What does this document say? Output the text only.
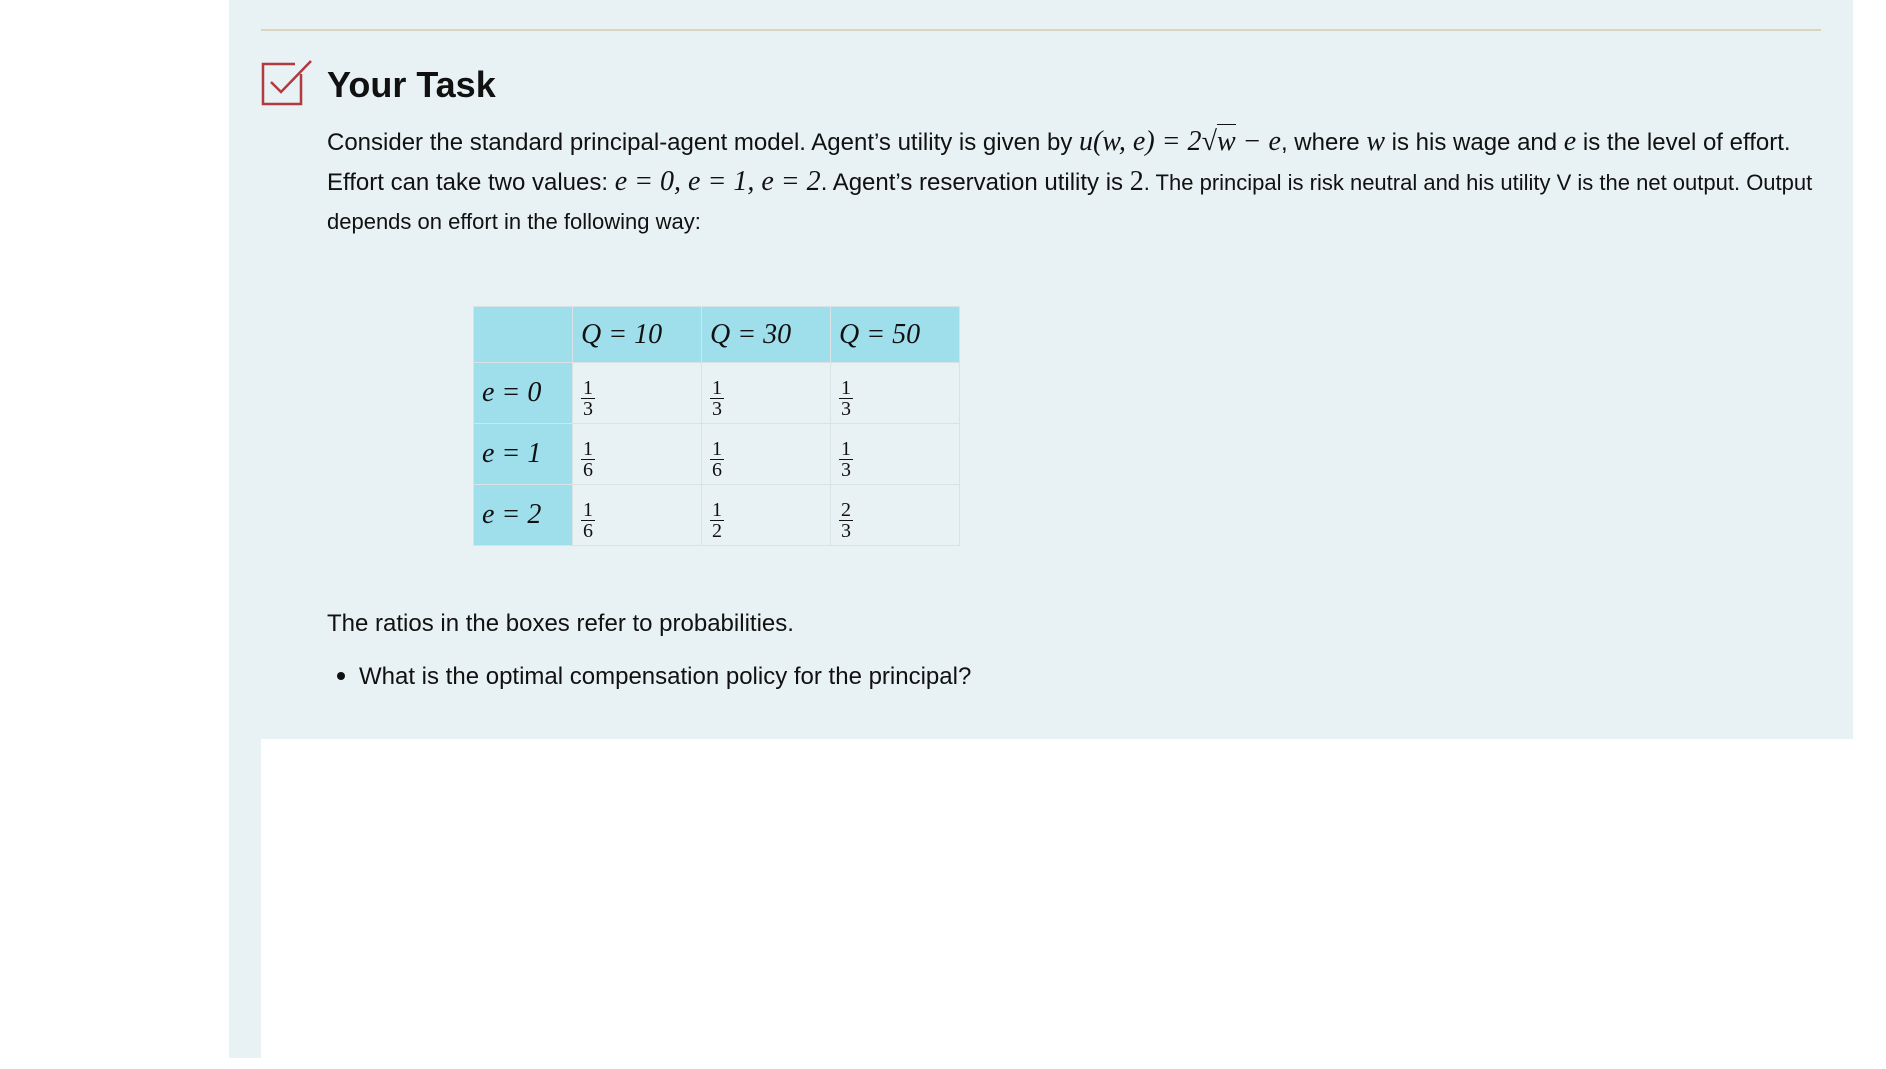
Your Task
Consider the standard principal-agent model. Agent’s utility is given by u(w, e) = 2√w − e, where w is his wage and e is the level of effort. Effort can take two values: e = 0, e = 1, e = 2. Agent’s reservation utility is 2. The principal is risk neutral and his utility V is the net output. Output depends on effort in the following way:
	Q = 10	Q = 30	Q = 50
e = 0	$\frac{1}{3}$	$\frac{1}{3}$	$\frac{1}{3}$

e = 1	$\frac{1}{6}$	$\frac{1}{6}$	$\frac{1}{3}$

e = 2	$\frac{1}{6}$	$\frac{1}{2}$	$\frac{2}{3}$
The ratios in the boxes refer to probabilities.
What is the optimal compensation policy for the principal?
